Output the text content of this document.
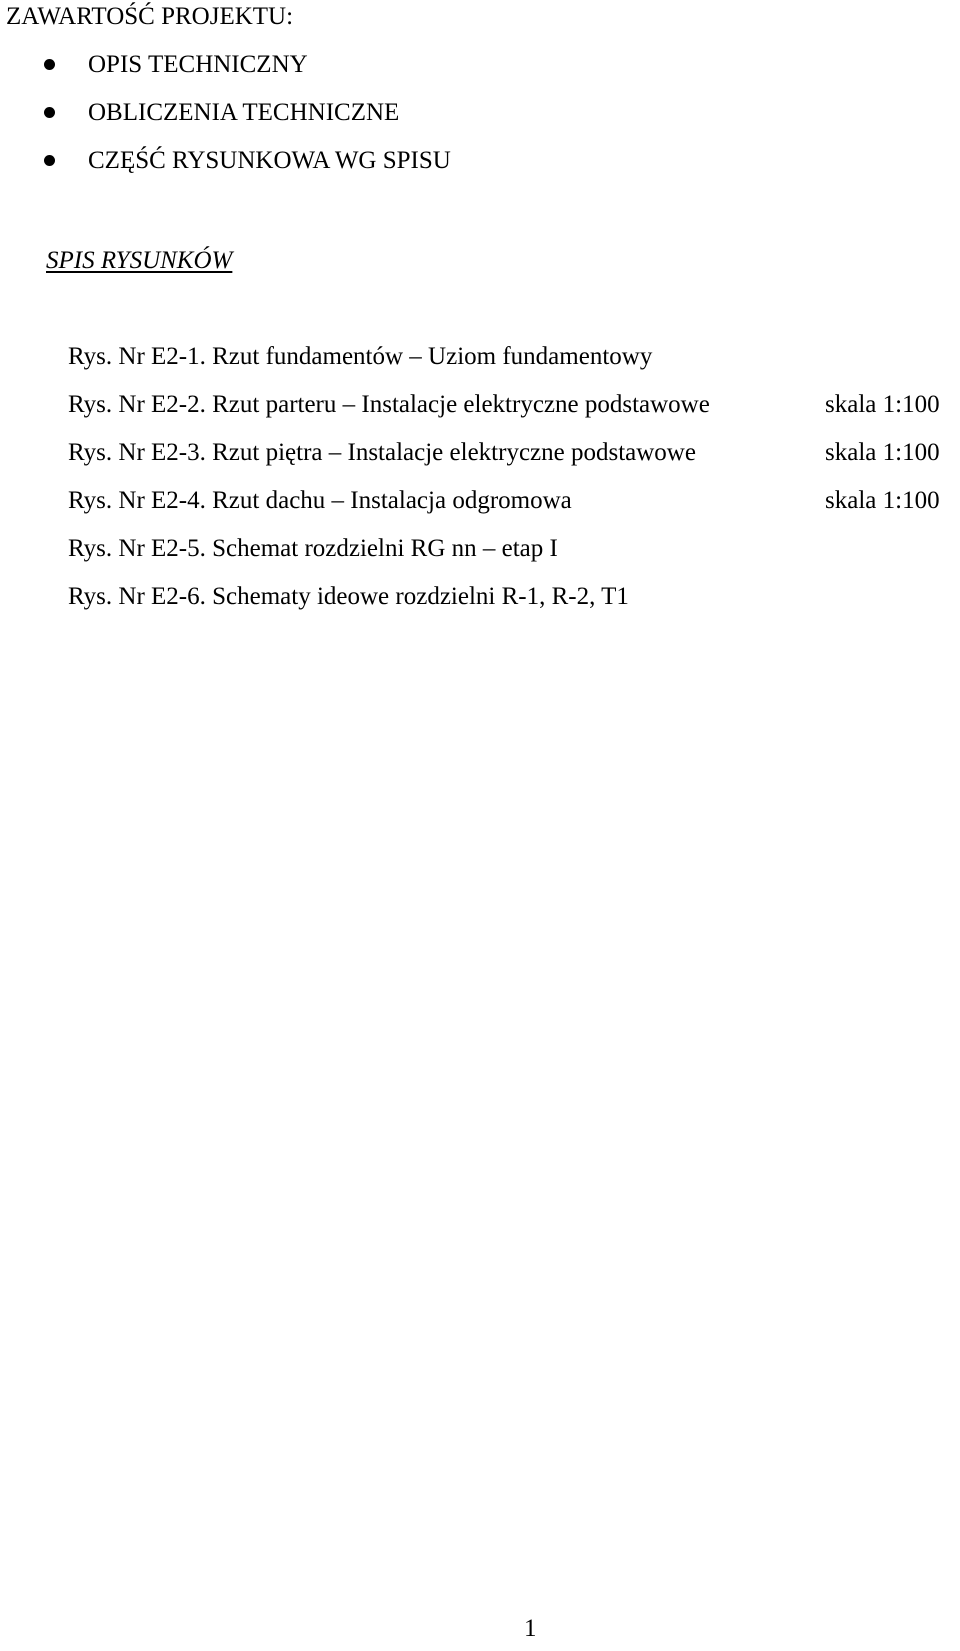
ZAWARTOŚĆ PROJEKTU:
OPIS TECHNICZNY
OBLICZENIA TECHNICZNE
CZĘŚĆ RYSUNKOWA WG SPISU
SPIS RYSUNKÓW
Rys. Nr E2-1. Rzut fundamentów – Uziom fundamentowy
Rys. Nr E2-2. Rzut parteru – Instalacje elektryczne podstawowe	skala 1:100
Rys. Nr E2-3. Rzut piętra – Instalacje elektryczne podstawowe	skala 1:100
Rys. Nr E2-4. Rzut dachu – Instalacja odgromowa	skala 1:100
Rys. Nr E2-5. Schemat rozdzielni RG nn – etap I
Rys. Nr E2-6. Schematy ideowe rozdzielni R-1, R-2, T1
1
